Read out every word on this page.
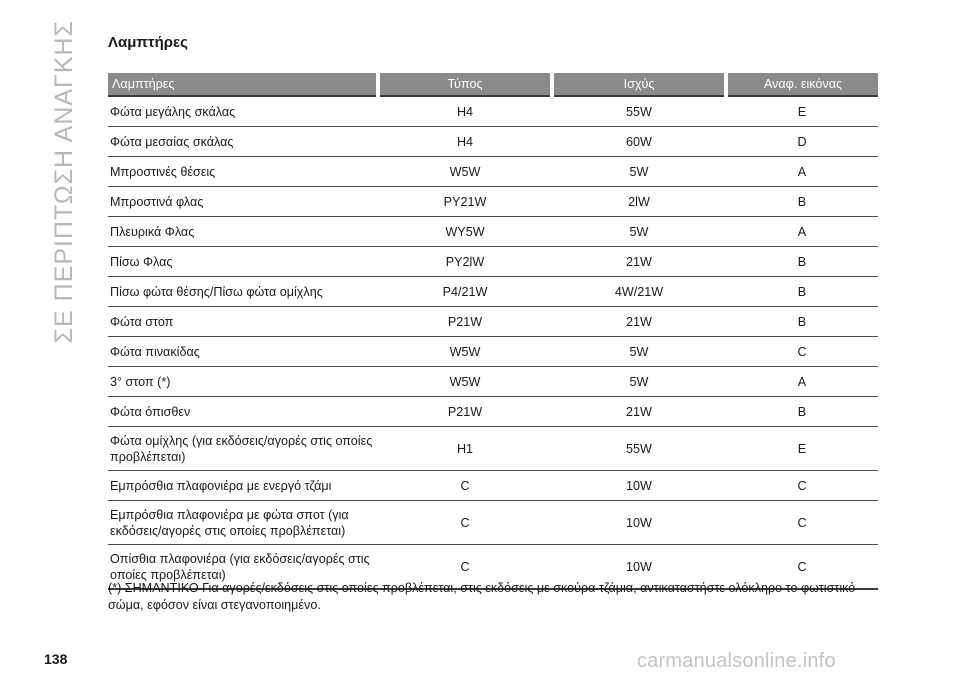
ΣΕ ΠΕΡΙΠΤΩΣΗ ΑΝΑΓΚΗΣ Λαμπτήρες
Λαμπτήρες	Τύπος	Ισχύς	Αναφ. εικόνας
Φώτα μεγάλης σκάλας	H4	55W	E
Φώτα μεσαίας σκάλας	H4	60W	D
Μπροστινές θέσεις	W5W	5W	A
Μπροστινά φλας	PY21W	2lW	B
Πλευρικά Φλας	WY5W	5W	A
Πίσω Φλας	PY2lW	21W	B
Πίσω φώτα θέσης/Πίσω φώτα ομίχλης	P4/21W	4W/21W	B
Φώτα στοπ	P21W	21W	B
Φώτα πινακίδας	W5W	5W	C
3° στοπ (*)	W5W	5W	A
Φώτα όπισθεν	P21W	21W	B
Φώτα ομίχλης (για εκδόσεις/αγορές στις οποίες προβλέπεται)	H1	55W	E
Εμπρόσθια πλαφονιέρα με ενεργό τζάμι	C	10W	C
Εμπρόσθια πλαφονιέρα με φώτα σποτ (για εκδόσεις/αγορές στις οποίες προβλέπεται)	C	10W	C
Οπίσθια πλαφονιέρα (για εκδόσεις/αγορές στις οποίες προβλέπεται)	C	10W	C
(*) ΣΗΜΑΝΤΙΚΟ Για αγορές/εκδόσεις στις οποίες προβλέπεται, στις εκδόσεις με σκούρα τζάμια, αντικαταστήστε ολόκληρο το φωτιστικό σώμα, εφόσον είναι στεγανοποιημένο.
138	carmanualsonline.info
